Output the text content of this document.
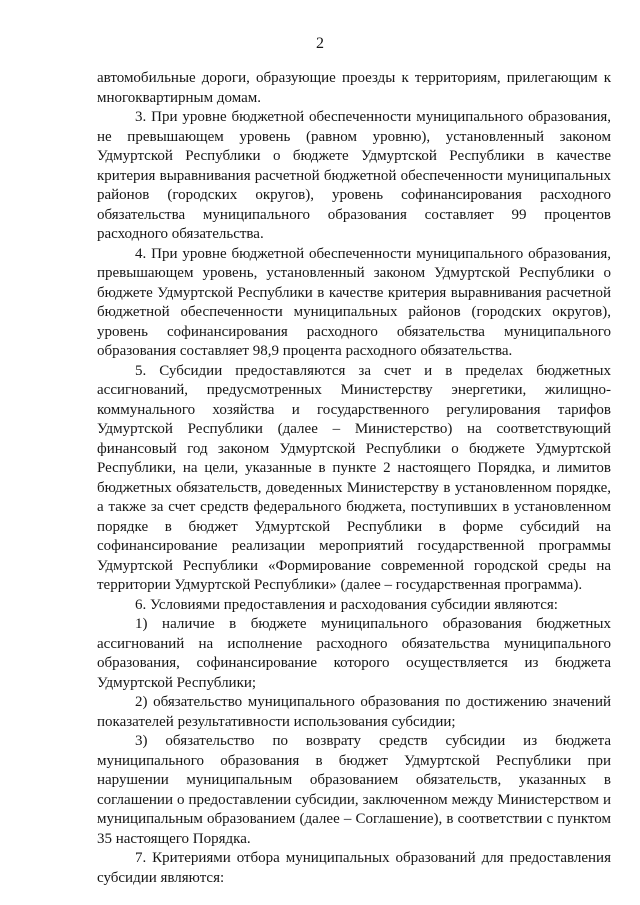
2

автомобильные дороги, образующие проезды к территориям, прилегающим к многоквартирным домам.

3. При уровне бюджетной обеспеченности муниципального образования, не превышающем уровень (равном уровню), установленный законом Удмуртской Республики о бюджете Удмуртской Республики в качестве критерия выравнивания расчетной бюджетной обеспеченности муниципальных районов (городских округов), уровень софинансирования расходного обязательства муниципального образования составляет 99 процентов расходного обязательства.

4. При уровне бюджетной обеспеченности муниципального образования, превышающем уровень, установленный законом Удмуртской Республики о бюджете Удмуртской Республики в качестве критерия выравнивания расчетной бюджетной обеспеченности муниципальных районов (городских округов), уровень софинансирования расходного обязательства муниципального образования составляет 98,9 процента расходного обязательства.

5. Субсидии предоставляются за счет и в пределах бюджетных ассигнований, предусмотренных Министерству энергетики, жилищно-коммунального хозяйства и государственного регулирования тарифов Удмуртской Республики (далее – Министерство) на соответствующий финансовый год законом Удмуртской Республики о бюджете Удмуртской Республики, на цели, указанные в пункте 2 настоящего Порядка, и лимитов бюджетных обязательств, доведенных Министерству в установленном порядке, а также за счет средств федерального бюджета, поступивших в установленном порядке в бюджет Удмуртской Республики в форме субсидий на софинансирование реализации мероприятий государственной программы Удмуртской Республики «Формирование современной городской среды на территории Удмуртской Республики» (далее – государственная программа).

6. Условиями предоставления и расходования субсидии являются:

1) наличие в бюджете муниципального образования бюджетных ассигнований на исполнение расходного обязательства муниципального образования, софинансирование которого осуществляется из бюджета Удмуртской Республики;

2) обязательство муниципального образования по достижению значений показателей результативности использования субсидии;

3) обязательство по возврату средств субсидии из бюджета муниципального образования в бюджет Удмуртской Республики при нарушении муниципальным образованием обязательств, указанных в соглашении о предоставлении субсидии, заключенном между Министерством и муниципальным образованием (далее – Соглашение), в соответствии с пунктом 35 настоящего Порядка.

7. Критериями отбора муниципальных образований для предоставления субсидии являются:
